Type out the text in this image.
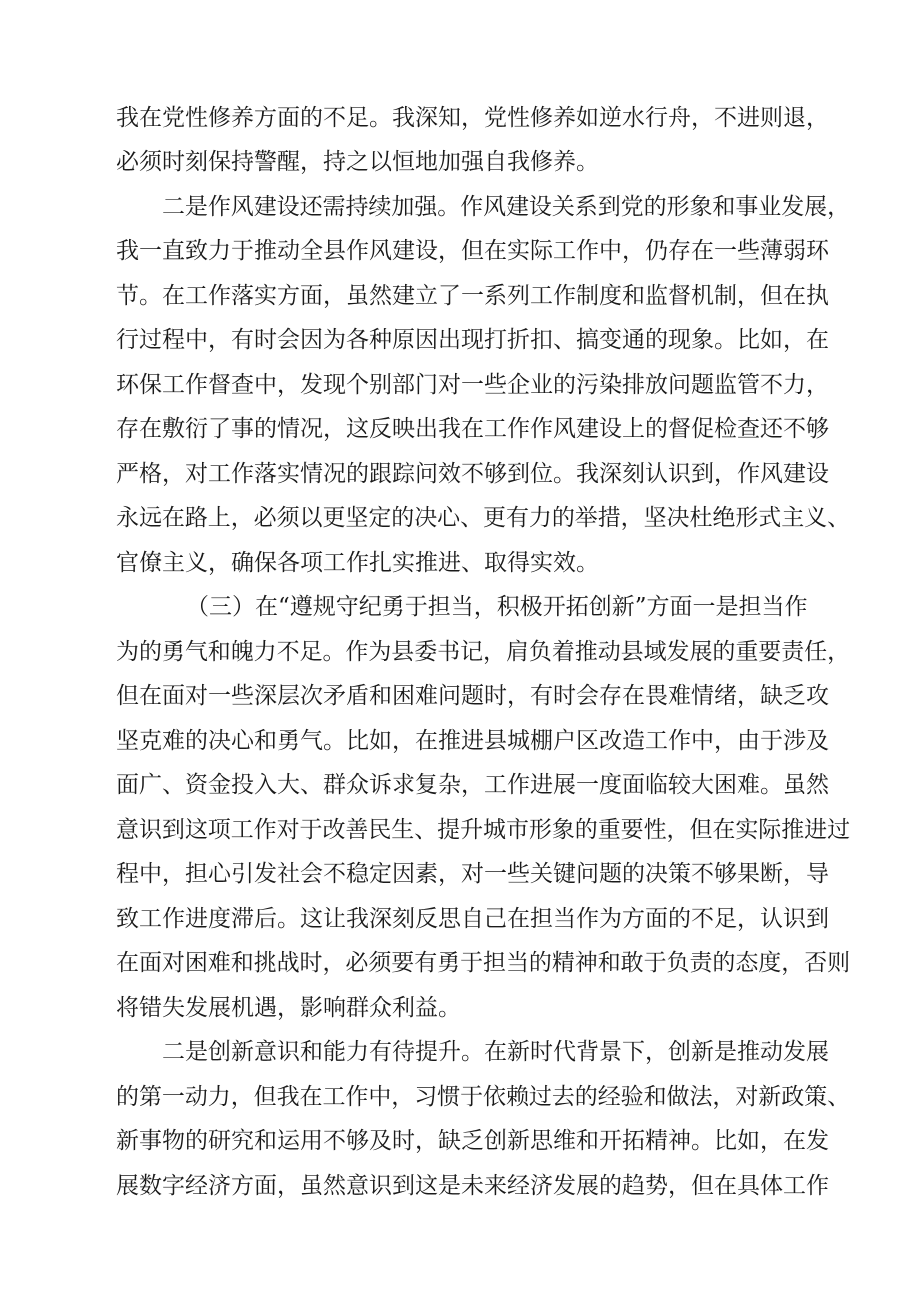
我在党性修养方面的不足。我深知，党性修养如逆水行舟，不进则退，
必须时刻保持警醒，持之以恒地加强自我修养。
二是作风建设还需持续加强。作风建设关系到党的形象和事业发展，
我一直致力于推动全县作风建设，但在实际工作中，仍存在一些薄弱环
节。在工作落实方面，虽然建立了一系列工作制度和监督机制，但在执
行过程中，有时会因为各种原因出现打折扣、搞变通的现象。比如，在
环保工作督查中，发现个别部门对一些企业的污染排放问题监管不力，
存在敷衍了事的情况，这反映出我在工作作风建设上的督促检查还不够
严格，对工作落实情况的跟踪问效不够到位。我深刻认识到，作风建设
永远在路上，必须以更坚定的决心、更有力的举措，坚决杜绝形式主义、
官僚主义，确保各项工作扎实推进、取得实效。
（三）在“遵规守纪勇于担当，积极开拓创新”方面一是担当作
为的勇气和魄力不足。作为县委书记，肩负着推动县域发展的重要责任，
但在面对一些深层次矛盾和困难问题时，有时会存在畏难情绪，缺乏攻
坚克难的决心和勇气。比如，在推进县城棚户区改造工作中，由于涉及
面广、资金投入大、群众诉求复杂，工作进展一度面临较大困难。虽然
意识到这项工作对于改善民生、提升城市形象的重要性，但在实际推进过
程中，担心引发社会不稳定因素，对一些关键问题的决策不够果断，导
致工作进度滞后。这让我深刻反思自己在担当作为方面的不足，认识到
在面对困难和挑战时，必须要有勇于担当的精神和敢于负责的态度，否则
将错失发展机遇，影响群众利益。
二是创新意识和能力有待提升。在新时代背景下，创新是推动发展
的第一动力，但我在工作中，习惯于依赖过去的经验和做法，对新政策、
新事物的研究和运用不够及时，缺乏创新思维和开拓精神。比如，在发
展数字经济方面，虽然意识到这是未来经济发展的趋势，但在具体工作
